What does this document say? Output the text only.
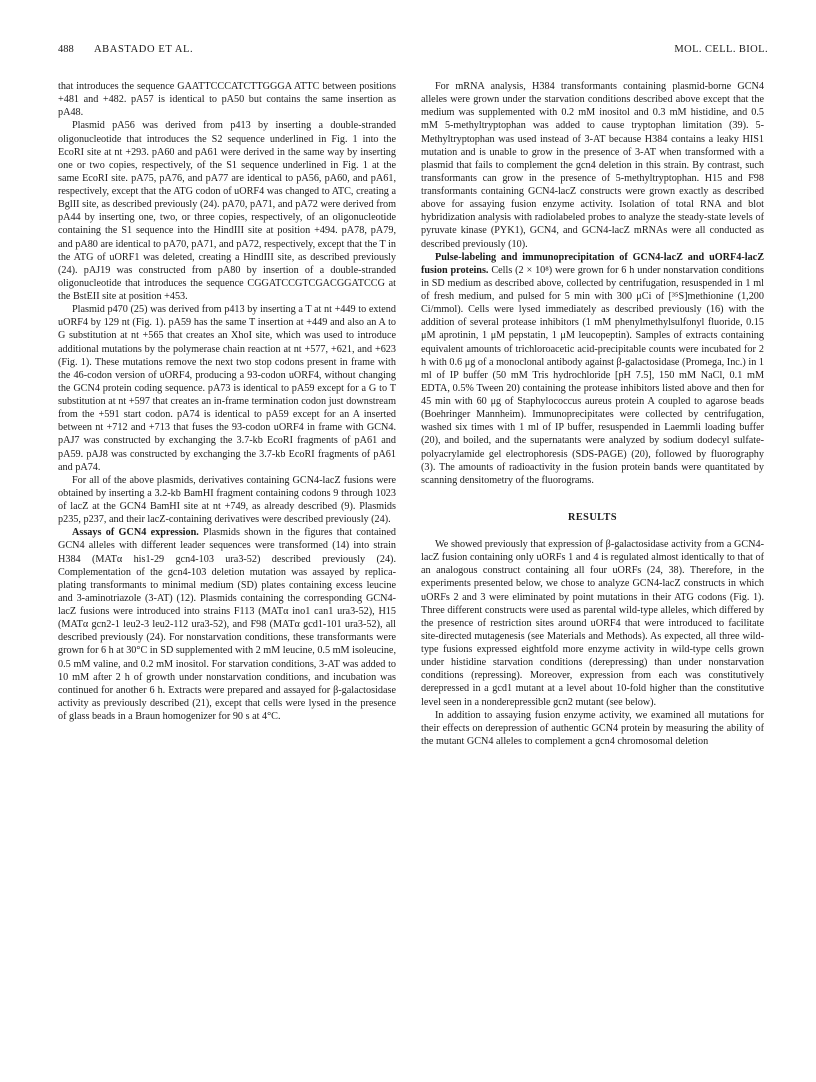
488 ABASTADO ET AL.	MOL. CELL. BIOL.

that introduces the sequence GAATTCCCATCTTGGGA ATTC between positions +481 and +482. pA57 is identical to pA50 but contains the same insertion as pA48.

Plasmid pA56 was derived from p413 by inserting a double-stranded oligonucleotide that introduces the S2 sequence underlined in Fig. 1 into the EcoRI site at nt +293. pA60 and pA61 were derived in the same way by inserting one or two copies, respectively, of the S1 sequence underlined in Fig. 1 at the same EcoRI site. pA75, pA76, and pA77 are identical to pA56, pA60, and pA61, respectively, except that the ATG codon of uORF4 was changed to ATC, creating a BglII site, as described previously (24). pA70, pA71, and pA72 were derived from pA44 by inserting one, two, or three copies, respectively, of an oligonucleotide containing the S1 sequence into the HindIII site at position +494. pA78, pA79, and pA80 are identical to pA70, pA71, and pA72, respectively, except that the T in the ATG of uORF1 was deleted, creating a HindIII site, as described previously (24). pAJ19 was constructed from pA80 by insertion of a double-stranded oligonucleotide that introduces the sequence CGGATCCGTCGACGGATCCG at the BstEII site at position +453.

Plasmid p470 (25) was derived from p413 by inserting a T at nt +449 to extend uORF4 by 129 nt (Fig. 1). pA59 has the same T insertion at +449 and also an A to G substitution at nt +565 that creates an XhoI site, which was used to introduce additional mutations by the polymerase chain reaction at nt +577, +621, and +623 (Fig. 1). These mutations remove the next two stop codons present in frame with the 46-codon version of uORF4, producing a 93-codon uORF4, without changing the GCN4 protein coding sequence. pA73 is identical to pA59 except for a G to T substitution at nt +597 that creates an in-frame termination codon just downstream from the +591 start codon. pA74 is identical to pA59 except for an A inserted between nt +712 and +713 that fuses the 93-codon uORF4 in frame with GCN4. pAJ7 was constructed by exchanging the 3.7-kb EcoRI fragments of pA61 and pA59. pAJ8 was constructed by exchanging the 3.7-kb EcoRI fragments of pA61 and pA74.

For all of the above plasmids, derivatives containing GCN4-lacZ fusions were obtained by inserting a 3.2-kb BamHI fragment containing codons 9 through 1023 of lacZ at the GCN4 BamHI site at nt +749, as already described (9). Plasmids p235, p237, and their lacZ-containing derivatives were described previously (24).

Assays of GCN4 expression. Plasmids shown in the figures that contained GCN4 alleles with different leader sequences were transformed (14) into strain H384 (MATα his1-29 gcn4-103 ura3-52) described previously (24). Complementation of the gcn4-103 deletion mutation was assayed by replica-plating transformants to minimal medium (SD) plates containing excess leucine and 3-aminotriazole (3-AT) (12). Plasmids containing the corresponding GCN4-lacZ fusions were introduced into strains F113 (MATα ino1 can1 ura3-52), H15 (MATα gcn2-1 leu2-3 leu2-112 ura3-52), and F98 (MATα gcd1-101 ura3-52), all described previously (24). For nonstarvation conditions, these transformants were grown for 6 h at 30°C in SD supplemented with 2 mM leucine, 0.5 mM isoleucine, 0.5 mM valine, and 0.2 mM inositol. For starvation conditions, 3-AT was added to 10 mM after 2 h of growth under nonstarvation conditions, and incubation was continued for another 6 h. Extracts were prepared and assayed for β-galactosidase activity as previously described (21), except that cells were lysed in the presence of glass beads in a Braun homogenizer for 90 s at 4°C.

For mRNA analysis, H384 transformants containing plasmid-borne GCN4 alleles were grown under the starvation conditions described above except that the medium was supplemented with 0.2 mM inositol and 0.3 mM histidine, and 0.5 mM 5-methyltryptophan was added to cause tryptophan limitation (39). 5-Methyltryptophan was used instead of 3-AT because H384 contains a leaky HIS1 mutation and is unable to grow in the presence of 3-AT when transformed with a plasmid that fails to complement the gcn4 deletion in this strain. By contrast, such transformants can grow in the presence of 5-methyltryptophan. H15 and F98 transformants containing GCN4-lacZ constructs were grown exactly as described above for assaying fusion enzyme activity. Isolation of total RNA and blot hybridization analysis with radiolabeled probes to analyze the steady-state levels of pyruvate kinase (PYK1), GCN4, and GCN4-lacZ mRNAs were all conducted as described previously (10).

Pulse-labeling and immunoprecipitation of GCN4-lacZ and uORF4-lacZ fusion proteins. Cells (2 × 10⁸) were grown for 6 h under nonstarvation conditions in SD medium as described above, collected by centrifugation, resuspended in 1 ml of fresh medium, and pulsed for 5 min with 300 μCi of [³⁵S]methionine (1,200 Ci/mmol). Cells were lysed immediately as described previously (16) with the addition of several protease inhibitors (1 mM phenylmethylsulfonyl fluoride, 0.15 μM aprotinin, 1 μM pepstatin, 1 μM leucopeptin). Samples of extracts containing equivalent amounts of trichloroacetic acid-precipitable counts were incubated for 2 h with 0.6 μg of a monoclonal antibody against β-galactosidase (Promega, Inc.) in 1 ml of IP buffer (50 mM Tris hydrochloride [pH 7.5], 150 mM NaCl, 0.1 mM EDTA, 0.5% Tween 20) containing the protease inhibitors listed above and then for 45 min with 60 μg of Staphylococcus aureus protein A coupled to agarose beads (Boehringer Mannheim). Immunoprecipitates were collected by centrifugation, washed six times with 1 ml of IP buffer, resuspended in Laemmli loading buffer (20), and boiled, and the supernatants were analyzed by sodium dodecyl sulfate-polyacrylamide gel electrophoresis (SDS-PAGE) (20), followed by fluorography (3). The amounts of radioactivity in the fusion protein bands were quantitated by scanning densitometry of the fluorograms.

RESULTS

We showed previously that expression of β-galactosidase activity from a GCN4-lacZ fusion containing only uORFs 1 and 4 is regulated almost identically to that of an analogous construct containing all four uORFs (24, 38). Therefore, in the experiments presented below, we chose to analyze GCN4-lacZ constructs in which uORFs 2 and 3 were eliminated by point mutations in their ATG codons (Fig. 1). Three different constructs were used as parental wild-type alleles, which differed by the presence of restriction sites around uORF4 that were introduced to facilitate site-directed mutagenesis (see Materials and Methods). As expected, all three wild-type fusions expressed eightfold more enzyme activity in wild-type cells grown under histidine starvation conditions (derepressing) than under nonstarvation conditions (repressing). Moreover, expression from each was constitutively derepressed in a gcd1 mutant at a level about 10-fold higher than the constitutive level seen in a nonderepressible gcn2 mutant (see below).

In addition to assaying fusion enzyme activity, we examined all mutations for their effects on derepression of authentic GCN4 protein by measuring the ability of the mutant GCN4 alleles to complement a gcn4 chromosomal deletion
